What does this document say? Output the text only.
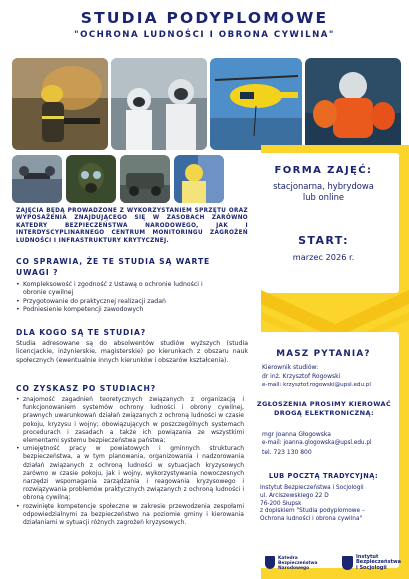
STUDIA PODYPLOMOWE
"OCHRONA LUDNOŚCI I OBRONA CYWILNA"
FORMA ZAJĘĆ:
stacjonarna, hybrydowa lub online
START:
marzec 2026 r.
MASZ PYTANIA?
Kierownik studiów:
dr inż. Krzysztof Rogowski
e-mail: krzysztof.rogowski@upsl.edu.pl
ZGŁOSZENIA PROSIMY KIEROWAĆ DROGĄ ELEKTRONICZNĄ:
mgr Joanna Głogowska
e-mail: joanna.glogowska@upsl.edu.pl
tel. 723 130 800
LUB POCZTĄ TRADYCYJNĄ:
Instytut Bezpieczeństwa i Socjologii
ul. Arciszewskiego 22 D
76-200 Słupsk
z dopiskiem "Studia podyplomowe –
Ochrona ludności i obrona cywilna"
Katedra Bezpieczeństwa Narodowego
Instytut
Bezpieczeństwa
i Socjologii
ZAJĘCIA BĘDĄ PROWADZONE Z WYKORZYSTANIEM SPRZĘTU ORAZ WYPOSAŻENIA ZNAJDUJĄCEGO SIĘ W ZASOBACH ZARÓWNO KATEDRY BEZPIECZEŃSTWA NARODOWEGO, JAK I INTERDYSCYPLINARNEGO CENTRUM MONITORINGU ZAGROŻEŃ LUDNOŚCI I INFRASTRUKTURY KRYTYCZNEJ.
CO SPRAWIA, ŻE TE STUDIA SĄ WARTE
UWAGI ?
• Kompleksowość i zgodność z Ustawą o ochronie ludności i obronie cywilnej
• Przygotowanie do praktycznej realizacji zadań
• Podniesienie kompetencji zawodowych
DLA KOGO SĄ TE STUDIA?
Studia adresowane są do absolwentów studiów wyższych (studia licencjackie, inżynierskie, magisterskie) po kierunkach z obszaru nauk społecznych (ewentualnie innych kierunków i obszarów kształcenia).
CO ZYSKASZ PO STUDIACH?
• znajomość zagadnień teoretycznych związanych z organizacją i funkcjonowaniem systemów ochrony ludności i obrony cywilnej, prawnych uwarunkowań działań związanych z ochroną ludności w czasie pokoju, kryzysu i wojny; obowiązujących w poszczególnych systemach procedurach i zasadach a także ich powiązania ze wszystkimi elementami systemu bezpieczeństwa państwa;
• umiejętność pracy w powiatowych i gminnych strukturach bezpieczeństwa, a w tym planowania, organizowania i nadzorowania działań związanych z ochroną ludności w sytuacjach kryzysowych zarówno w czasie pokoju, jak i wojny, wykorzystywania nowoczesnych narzędzi wspomagania zarządzania i reagowania kryzysowego i rozwiązywania problemów praktycznych związanych z ochroną ludności i obroną cywilną;
• rozwinięte kompetencje społeczne w zakresie przewodzenia zespołami odpowiedzialnymi za bezpieczeństwo na poziomie gminy i kierowania działaniami w sytuacji różnych zagrożeń kryzysowych.
